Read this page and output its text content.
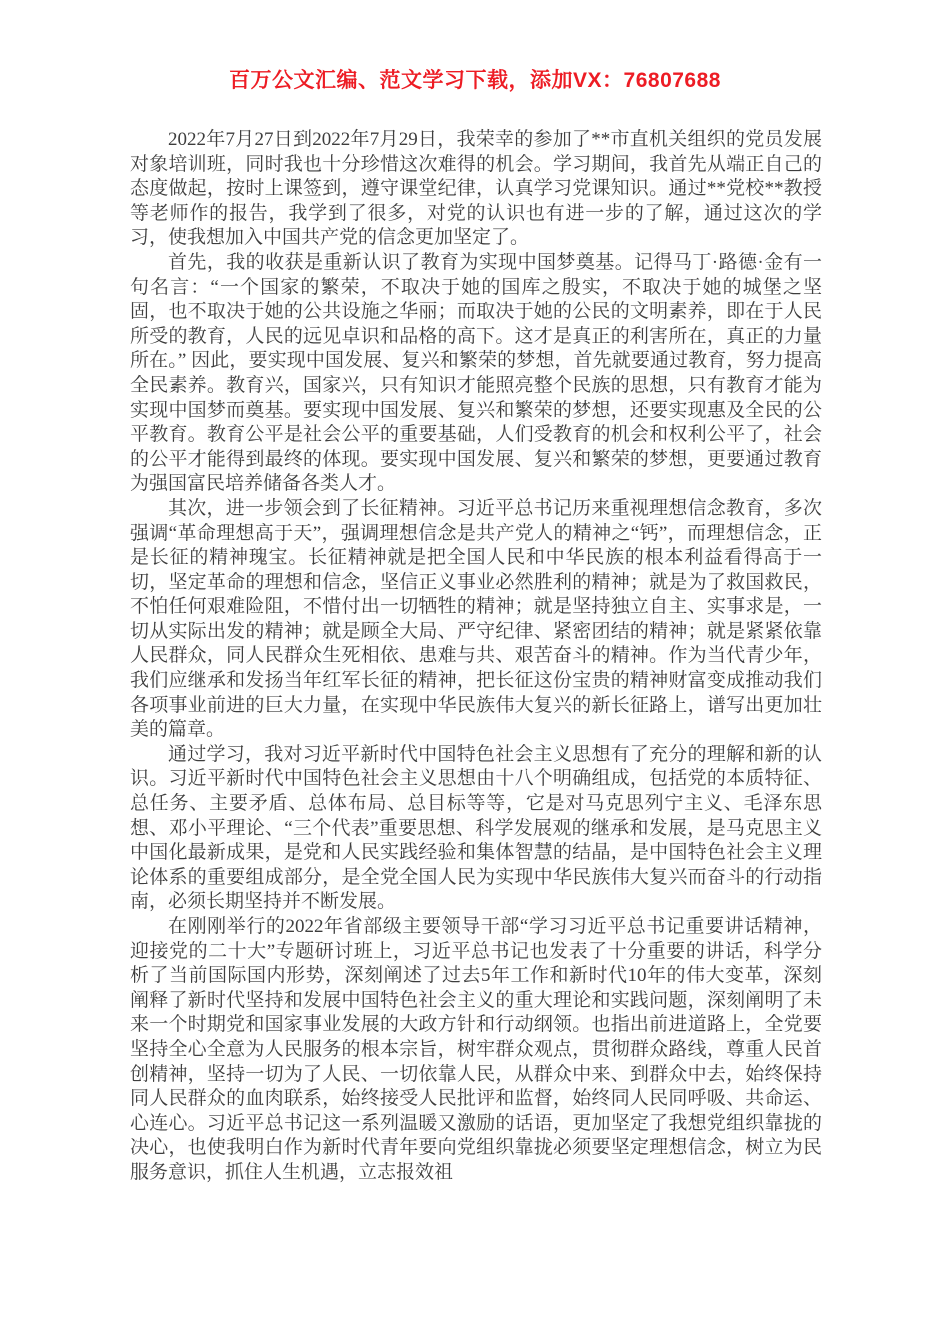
百万公文汇编、范文学习下载，添加VX：76807688

2022年7月27日到2022年7月29日，我荣幸的参加了**市直机关组织的党员发展对象培训班，同时我也十分珍惜这次难得的机会。学习期间，我首先从端正自己的态度做起，按时上课签到，遵守课堂纪律，认真学习党课知识。通过**党校**教授等老师作的报告，我学到了很多，对党的认识也有进一步的了解，通过这次的学习，使我想加入中国共产党的信念更加坚定了。

首先，我的收获是重新认识了教育为实现中国梦奠基。记得马丁·路德·金有一句名言：“一个国家的繁荣，不取决于她的国库之殷实，不取决于她的城堡之坚固，也不取决于她的公共设施之华丽；而取决于她的公民的文明素养，即在于人民所受的教育，人民的远见卓识和品格的高下。这才是真正的利害所在，真正的力量所在。” 因此，要实现中国发展、复兴和繁荣的梦想，首先就要通过教育，努力提高全民素养。教育兴，国家兴，只有知识才能照亮整个民族的思想，只有教育才能为实现中国梦而奠基。要实现中国发展、复兴和繁荣的梦想，还要实现惠及全民的公平教育。教育公平是社会公平的重要基础，人们受教育的机会和权利公平了，社会的公平才能得到最终的体现。要实现中国发展、复兴和繁荣的梦想，更要通过教育为强国富民培养储备各类人才。

其次，进一步领会到了长征精神。习近平总书记历来重视理想信念教育，多次强调“革命理想高于天”，强调理想信念是共产党人的精神之“钙”，而理想信念，正是长征的精神瑰宝。长征精神就是把全国人民和中华民族的根本利益看得高于一切，坚定革命的理想和信念，坚信正义事业必然胜利的精神；就是为了救国救民，不怕任何艰难险阻，不惜付出一切牺牲的精神；就是坚持独立自主、实事求是，一切从实际出发的精神；就是顾全大局、严守纪律、紧密团结的精神；就是紧紧依靠人民群众，同人民群众生死相依、患难与共、艰苦奋斗的精神。作为当代青少年，我们应继承和发扬当年红军长征的精神，把长征这份宝贵的精神财富变成推动我们各项事业前进的巨大力量，在实现中华民族伟大复兴的新长征路上，谱写出更加壮美的篇章。

通过学习，我对习近平新时代中国特色社会主义思想有了充分的理解和新的认识。习近平新时代中国特色社会主义思想由十八个明确组成，包括党的本质特征、总任务、主要矛盾、总体布局、总目标等等，它是对马克思列宁主义、毛泽东思想、邓小平理论、“三个代表”重要思想、科学发展观的继承和发展，是马克思主义中国化最新成果，是党和人民实践经验和集体智慧的结晶，是中国特色社会主义理论体系的重要组成部分，是全党全国人民为实现中华民族伟大复兴而奋斗的行动指南，必须长期坚持并不断发展。

在刚刚举行的2022年省部级主要领导干部“学习习近平总书记重要讲话精神，迎接党的二十大”专题研讨班上，习近平总书记也发表了十分重要的讲话，科学分析了当前国际国内形势，深刻阐述了过去5年工作和新时代10年的伟大变革，深刻阐释了新时代坚持和发展中国特色社会主义的重大理论和实践问题，深刻阐明了未来一个时期党和国家事业发展的大政方针和行动纲领。也指出前进道路上，全党要坚持全心全意为人民服务的根本宗旨，树牢群众观点，贯彻群众路线，尊重人民首创精神，坚持一切为了人民、一切依靠人民，从群众中来、到群众中去，始终保持同人民群众的血肉联系，始终接受人民批评和监督，始终同人民同呼吸、共命运、心连心。习近平总书记这一系列温暖又激励的话语，更加坚定了我想党组织靠拢的决心，也使我明白作为新时代青年要向党组织靠拢必须要坚定理想信念，树立为民服务意识，抓住人生机遇，立志报效祖
